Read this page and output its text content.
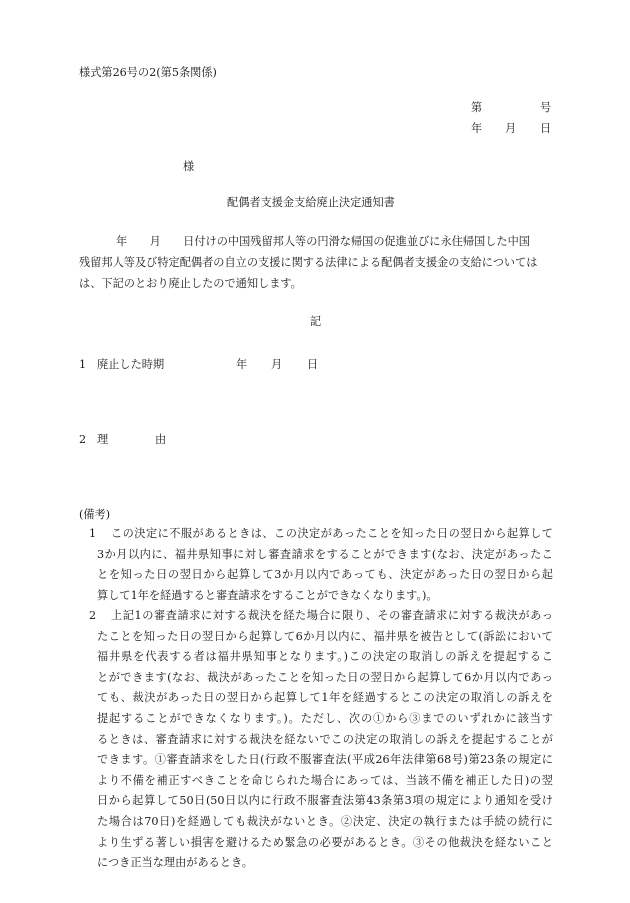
様式第26号の2(第5条関係)
第	号
年 月 日
様
配偶者支援金支給廃止決定通知書
年　　月　　日付けの中国残留邦人等の円滑な帰国の促進並びに永住帰国した中国
残留邦人等及び特定配偶者の自立の支援に関する法律による配偶者支援金の支給については
は、下記のとおり廃止したので通知します。
記
1 廃止した時期	年 月 日
2 理	由
(備考)
1	この決定に不服があるときは、この決定があったことを知った日の翌日から起算して
3か月以内に、福井県知事に対し審査請求をすることができます(なお、決定があったこ
とを知った日の翌日から起算して3か月以内であっても、決定があった日の翌日から起
算して1年を経過すると審査請求をすることができなくなります。)。
2	上記1の審査請求に対する裁決を経た場合に限り、その審査請求に対する裁決があっ
たことを知った日の翌日から起算して6か月以内に、福井県を被告として(訴訟において
福井県を代表する者は福井県知事となります。)この決定の取消しの訴えを提起するこ
とができます(なお、裁決があったことを知った日の翌日から起算して6か月以内であっ
ても、裁決があった日の翌日から起算して1年を経過するとこの決定の取消しの訴えを
提起することができなくなります。)。ただし、次の①から③までのいずれかに該当す
るときは、審査請求に対する裁決を経ないでこの決定の取消しの訴えを提起することが
できます。①審査請求をした日(行政不服審査法(平成26年法律第68号)第23条の規定に
より不備を補正すべきことを命じられた場合にあっては、当該不備を補正した日)の翌
日から起算して50日(50日以内に行政不服審査法第43条第3項の規定により通知を受け
た場合は70日)を経過しても裁決がないとき。②決定、決定の執行または手続の続行に
より生ずる著しい損害を避けるため緊急の必要があるとき。③その他裁決を経ないこと
につき正当な理由があるとき。
